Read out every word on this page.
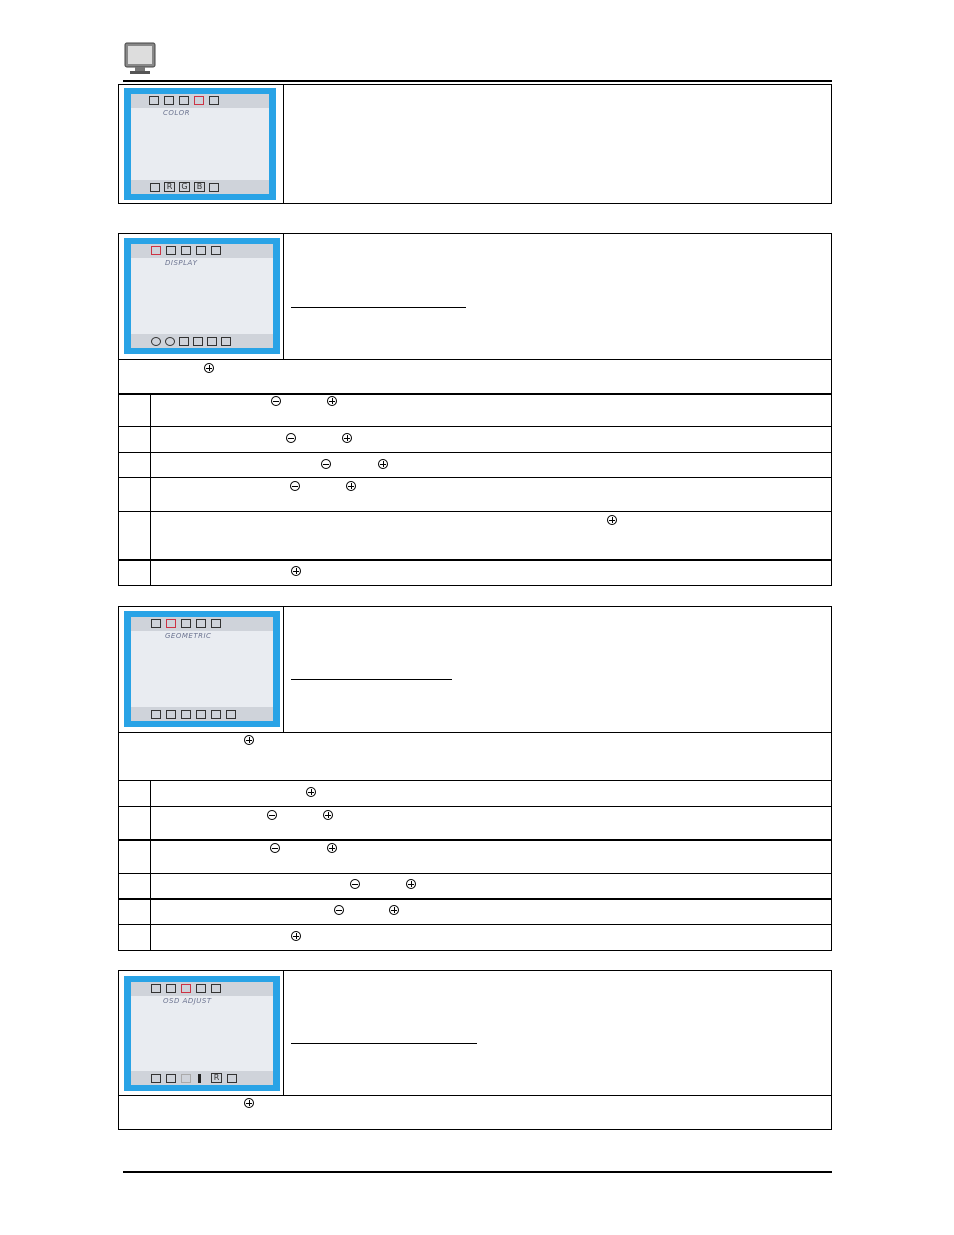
COLOR
R	G	B
DISPLAY
GEOMETRIC
OSD ADJUST
R
